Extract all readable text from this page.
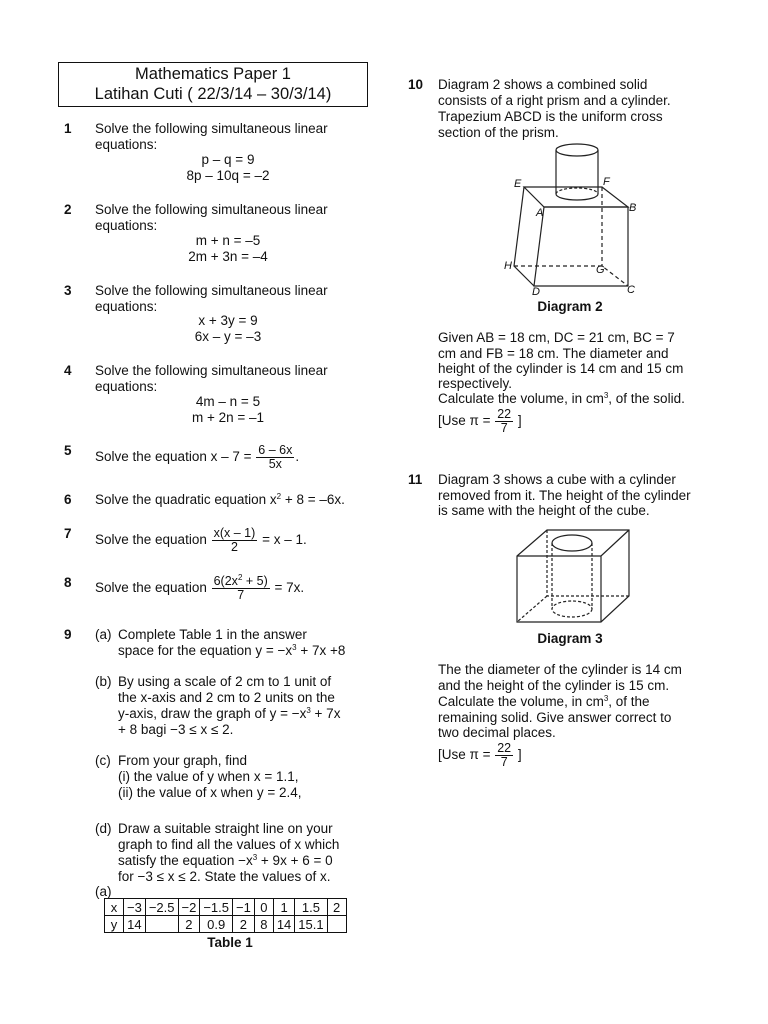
Mathematics Paper 1
Latihan Cuti ( 22/3/14 – 30/3/14)
1 Solve the following simultaneous linear equations:
p – q = 9
8p – 10q = –2
2 Solve the following simultaneous linear equations:
m + n = –5
2m + 3n = –4
3 Solve the following simultaneous linear equations:
x + 3y = 9
6x – y = –3
4 Solve the following simultaneous linear equations:
4m – n = 5
m + 2n = –1
5 Solve the equation $x - 7 = \frac{6 - 6x}{5x}$ .
6 Solve the quadratic equation $x^2 + 8 = -6x$.
7 Solve the equation $\frac{x(x - 1)}{2} = x - 1$.
8 Solve the equation $\frac{6(2x^2 + 5)}{7} = 7x$.
9 (a) Complete Table 1 in the answer
space for the equation $y = -x^3 + 7x +8$
(b) By using a scale of 2 cm to 1 unit of
the x-axis and 2 cm to 2 units on the
y-axis, draw the graph of $y = -x^3 + 7x$
+ 8 bagi −3 ≤ x ≤ 2.
(c) From your graph, find
(i) the value of y when x = 1.1,
(ii) the value of x when y = 2.4,
(d) Draw a suitable straight line on your
graph to find all the values of x which
satisfy the equation $-x^3 + 9x + 6 = 0$
for −3 ≤ x ≤ 2. State the values of x.
(a)
x	−3	−2.5	−2	−1.5	−1	0	1	1.5	2
y	14		2	0.9	2	8	14	15.1	
Table 1
10 Diagram 2 shows a combined solid
consists of a right prism and a cylinder.
Trapezium ABCD is the uniform cross
section of the prism.
E	F
A	B
H	G
D	C
Diagram 2
Given AB = 18 cm, DC = 21 cm, BC = 7
cm and FB = 18 cm. The diameter and
height of the cylinder is 14 cm and 15 cm
respectively.
Calculate the volume, in $cm^3$, of the solid.
[Use $\pi = \frac{22}{7}$ ]
11 Diagram 3 shows a cube with a cylinder
removed from it. The height of the cylinder
is same with the height of the cube.
Diagram 3
The the diameter of the cylinder is 14 cm
and the height of the cylinder is 15 cm.
Calculate the volume, in $cm^3$, of the
remaining solid. Give answer correct to
two decimal places.
[Use $\pi = \frac{22}{7}$ ]
